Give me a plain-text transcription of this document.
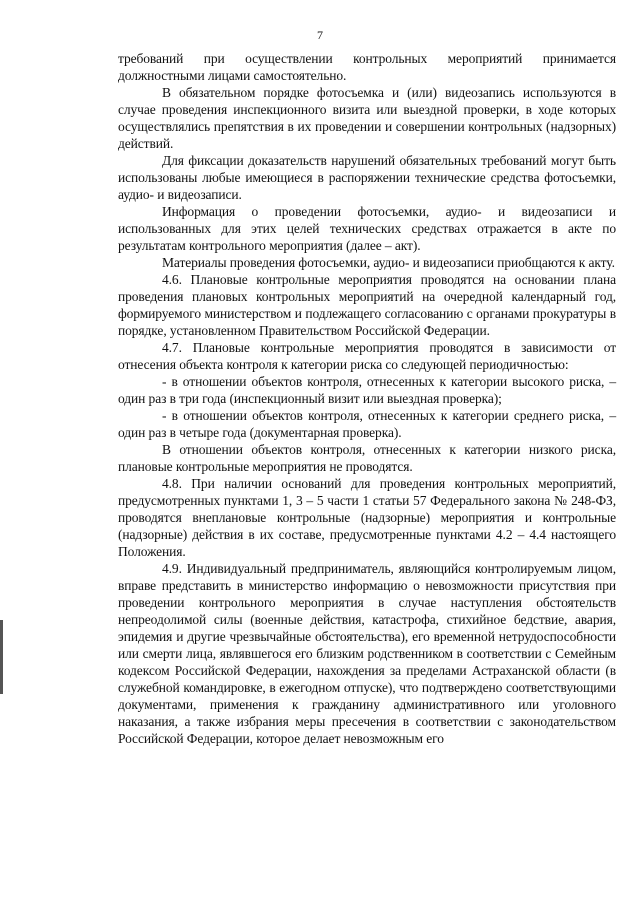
7

требований при осуществлении контрольных мероприятий принимается должностными лицами самостоятельно.

В обязательном порядке фотосъемка и (или) видеозапись используются в случае проведения инспекционного визита или выездной проверки, в ходе которых осуществлялись препятствия в их проведении и совершении контрольных (надзорных) действий.

Для фиксации доказательств нарушений обязательных требований могут быть использованы любые имеющиеся в распоряжении технические средства фотосъемки, аудио- и видеозаписи.

Информация о проведении фотосъемки, аудио- и видеозаписи и использованных для этих целей технических средствах отражается в акте по результатам контрольного мероприятия (далее – акт).

Материалы проведения фотосъемки, аудио- и видеозаписи приобщаются к акту.

4.6. Плановые контрольные мероприятия проводятся на основании плана проведения плановых контрольных мероприятий на очередной календарный год, формируемого министерством и подлежащего согласованию с органами прокуратуры в порядке, установленном Правительством Российской Федерации.

4.7. Плановые контрольные мероприятия проводятся в зависимости от отнесения объекта контроля к категории риска со следующей периодичностью:

- в отношении объектов контроля, отнесенных к категории высокого риска, – один раз в три года (инспекционный визит или выездная проверка);

- в отношении объектов контроля, отнесенных к категории среднего риска, – один раз в четыре года (документарная проверка).

В отношении объектов контроля, отнесенных к категории низкого риска, плановые контрольные мероприятия не проводятся.

4.8. При наличии оснований для проведения контрольных мероприятий, предусмотренных пунктами 1, 3 – 5 части 1 статьи 57 Федерального закона № 248-ФЗ, проводятся внеплановые контрольные (надзорные) мероприятия и контрольные (надзорные) действия в их составе, предусмотренные пунктами 4.2 – 4.4 настоящего Положения.

4.9. Индивидуальный предприниматель, являющийся контролируемым лицом, вправе представить в министерство информацию о невозможности присутствия при проведении контрольного мероприятия в случае наступления обстоятельств непреодолимой силы (военные действия, катастрофа, стихийное бедствие, авария, эпидемия и другие чрезвычайные обстоятельства), его временной нетрудоспособности или смерти лица, являвшегося его близким родственником в соответствии с Семейным кодексом Российской Федерации, нахождения за пределами Астраханской области (в служебной командировке, в ежегодном отпуске), что подтверждено соответствующими документами, применения к гражданину административного или уголовного наказания, а также избрания меры пресечения в соответствии с законодательством Российской Федерации, которое делает невозможным его
